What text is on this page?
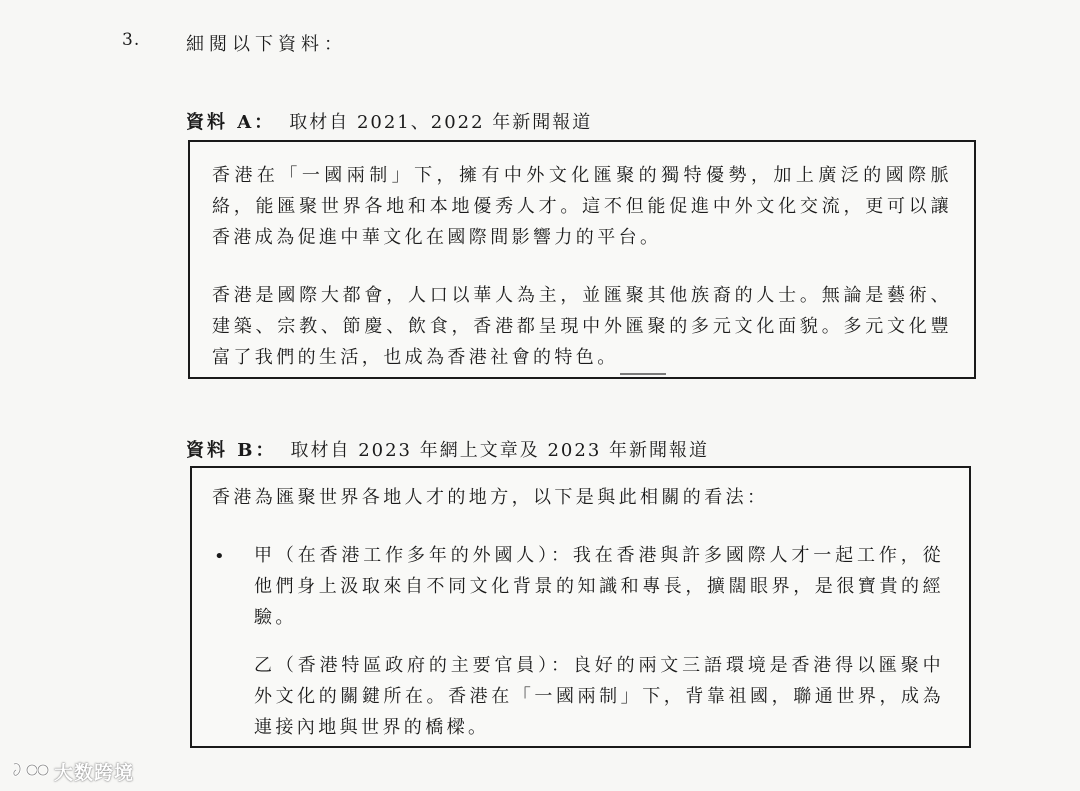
3.	細閱以下資料：
資料 A： 取材自 2021、2022 年新聞報道
香港在「一國兩制」下，擁有中外文化匯聚的獨特優勢，加上廣泛的國際脈絡，能匯聚世界各地和本地優秀人才。這不但能促進中外文化交流，更可以讓香港成為促進中華文化在國際間影響力的平台。
香港是國際大都會，人口以華人為主，並匯聚其他族裔的人士。無論是藝術、建築、宗教、節慶、飲食，香港都呈現中外匯聚的多元文化面貌。多元文化豐富了我們的生活，也成為香港社會的特色。
資料 B： 取材自 2023 年網上文章及 2023 年新聞報道
香港為匯聚世界各地人才的地方，以下是與此相關的看法：
• 甲（在香港工作多年的外國人）：我在香港與許多國際人才一起工作，從他們身上汲取來自不同文化背景的知識和專長，擴闊眼界，是很寶貴的經驗。
乙（香港特區政府的主要官員）：良好的兩文三語環境是香港得以匯聚中外文化的關鍵所在。香港在「一國兩制」下，背靠祖國，聯通世界，成為連接內地與世界的橋樑。
大数跨境
